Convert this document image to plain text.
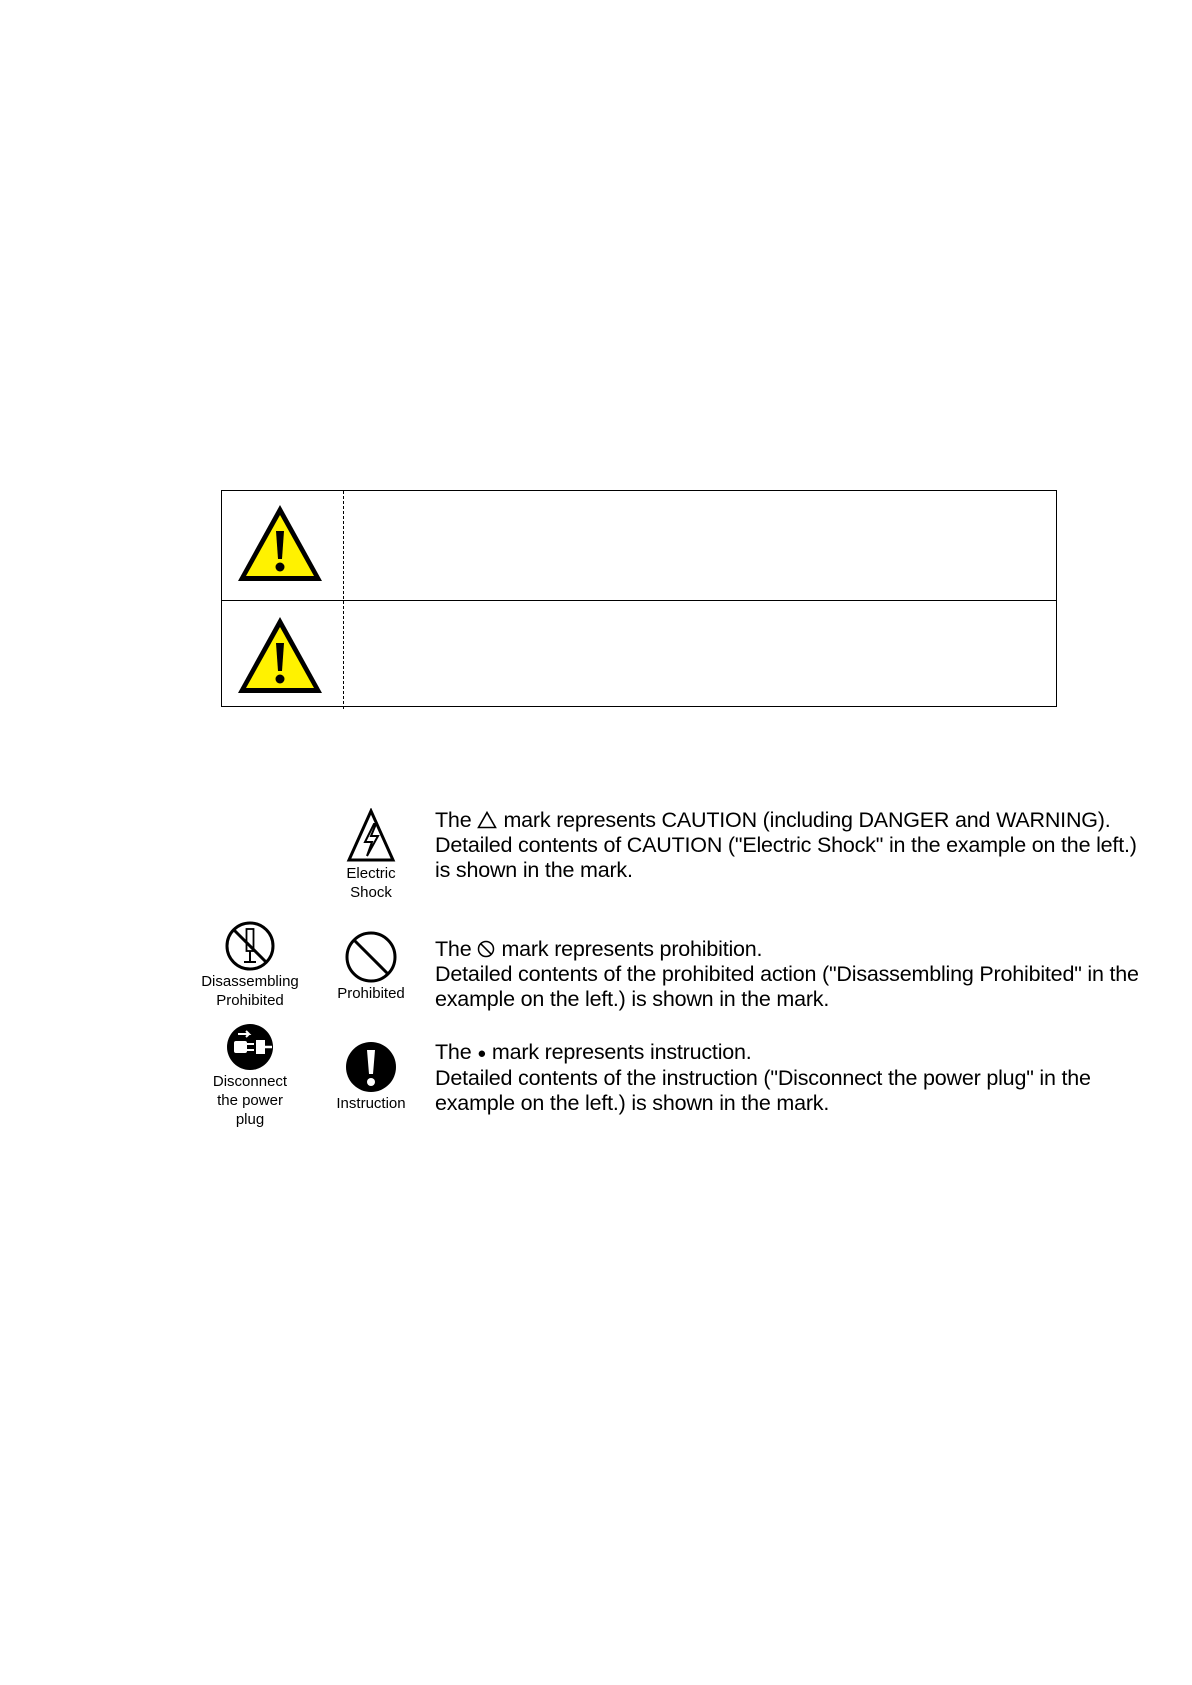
Electric
Shock
Disassembling
Prohibited	Prohibited
Disconnect
the power
plug
Instruction

The mark represents CAUTION (including DANGER and WARNING).

Detailed contents of CAUTION ("Electric Shock" in the example on the left.) is shown in the mark.

The mark represents prohibition.

Detailed contents of the prohibited action ("Disassembling Prohibited" in the example on the left.) is shown in the mark.

The ● mark represents instruction.

Detailed contents of the instruction ("Disconnect the power plug" in the example on the left.) is shown in the mark.
